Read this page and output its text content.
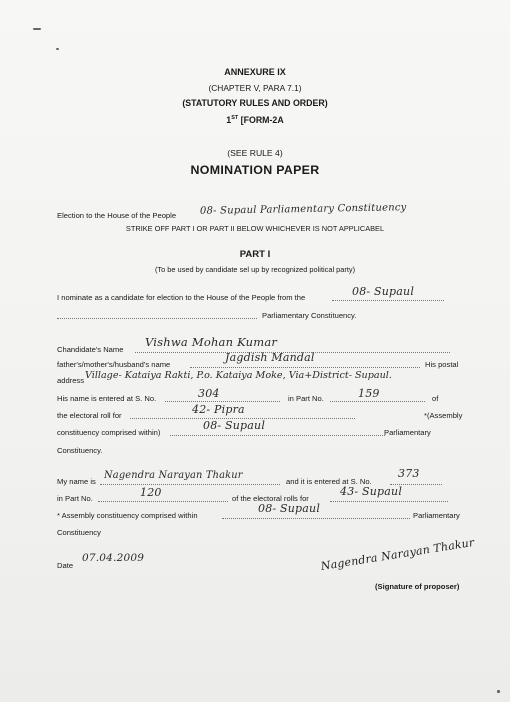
ANNEXURE IX
(CHAPTER V, PARA 7.1)
(STATUTORY RULES AND ORDER)
1ST [FORM-2A
(SEE RULE 4)
NOMINATION PAPER
Election to the House of the People 08- Supaul Parliamentary Constituency
STRIKE OFF PART I OR PART II BELOW WHICHEVER IS NOT APPLICABEL
PART I
(To be used by candidate sel up by recognized political party)
I nominate as a candidate for election to the House of the People from the	08- Supaul
Parliamentary Constituency.
Chandidate's Name
Vishwa Mohan Kumar
father's/mother's/husband's name
Jagdish Mandal
His postal
address Village- Kataiya Rakti, P.o. Kataiya Moke, Via+District- Supaul.
His name is entered at S. No.	304	in Part No.	159	of
the electoral roll for	42- Pipra	*(Assembly
constituency comprised within)
08- Supaul
Parliamentary
Constituency.
My name is
Nagendra Narayan Thakur
and it is entered at S. No.
373
in Part No.	120	of the electoral rolls for
43- Supaul
* Assembly constituency comprised within
08- Supaul
Parliamentary
Constituency
Date
07.04.2009	Nagendra Narayan Thakur
(Signature of proposer)
